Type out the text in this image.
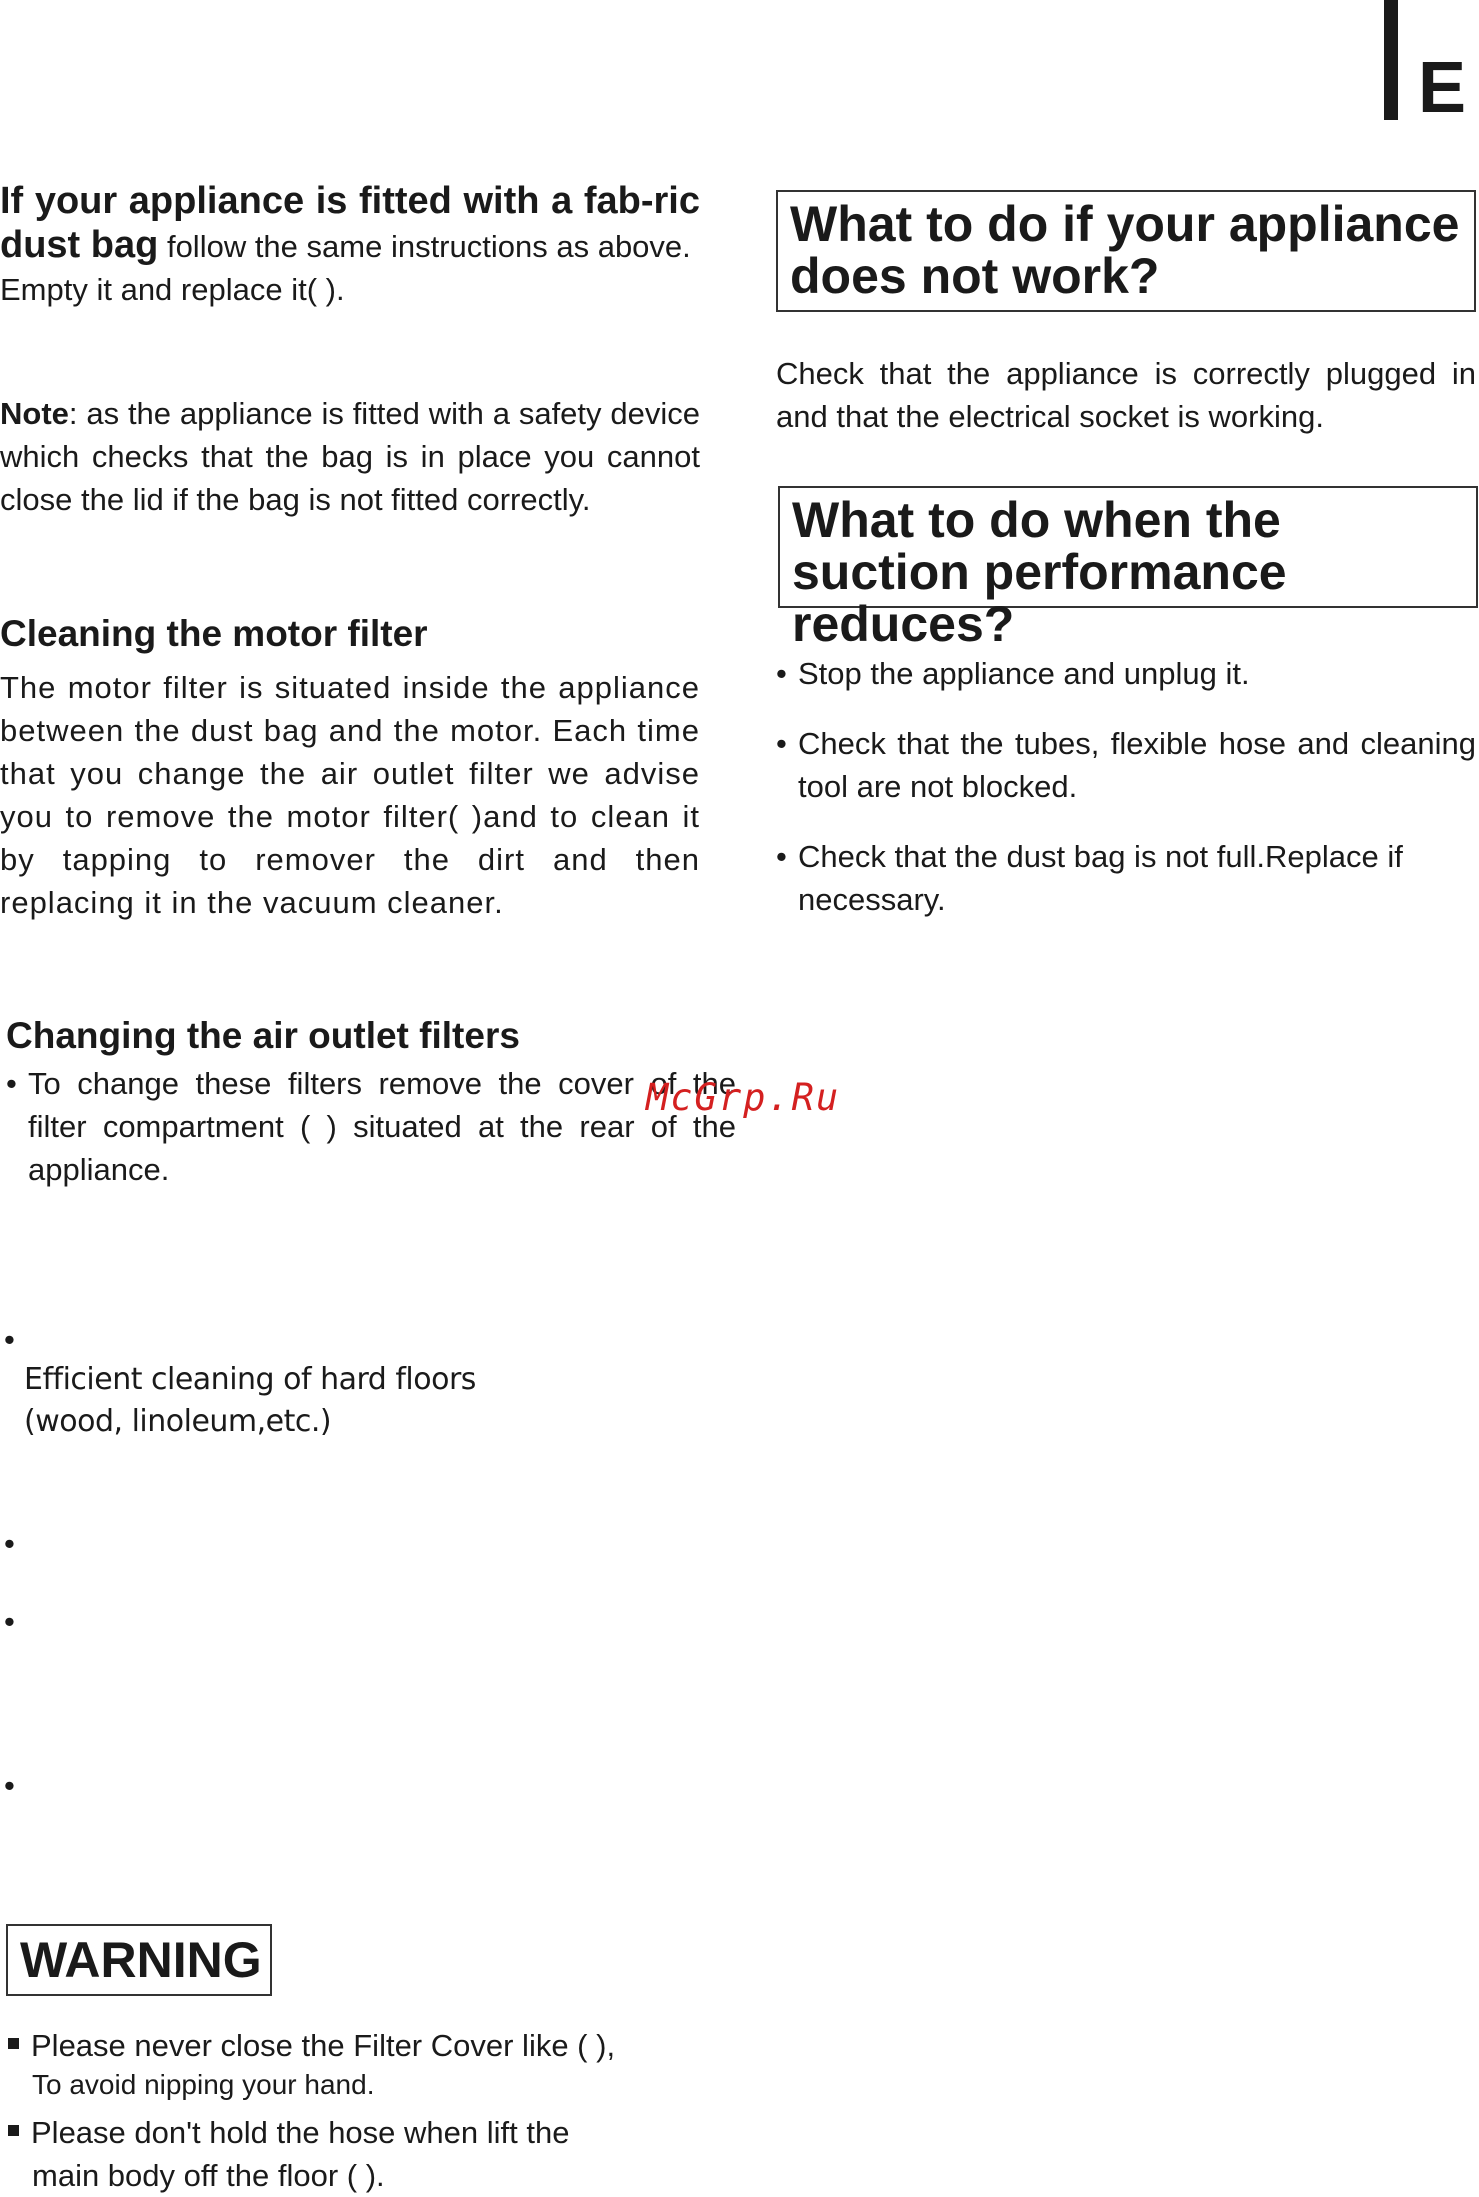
E

If your appliance is fitted with a fab-ric dust bag follow the same instructions as above.

Empty it and replace it( ).

Note: as the appliance is fitted with a safety device which checks that the bag is in place you cannot close the lid if the bag is not fitted correctly.

Cleaning the motor filter

The motor filter is situated inside the appliance between the dust bag and the motor. Each time that you change the air outlet filter we advise you to remove the motor filter( )and to clean it by tapping to remover the dirt and then replacing it in the vacuum cleaner.

Changing the air outlet filters
• To change these filters remove the cover of the filter compartment ( ) situated at the rear of the appliance.
McGrp.Ru
•
Efficient cleaning of hard floors
(wood, linoleum,etc.)
•
•
•
WARNING
Please never close the Filter Cover like ( ),
To avoid nipping your hand.
Please don't hold the hose when lift the
main body off the floor ( ).
What to do if your appliance does not work?
Check that the appliance is correctly plugged in and that the electrical socket is working.
What to do when the suction performance reduces?
• Stop the appliance and unplug it.
• Check that the tubes, flexible hose and cleaning tool are not blocked.
• Check that the dust bag is not full.Replace if necessary.
